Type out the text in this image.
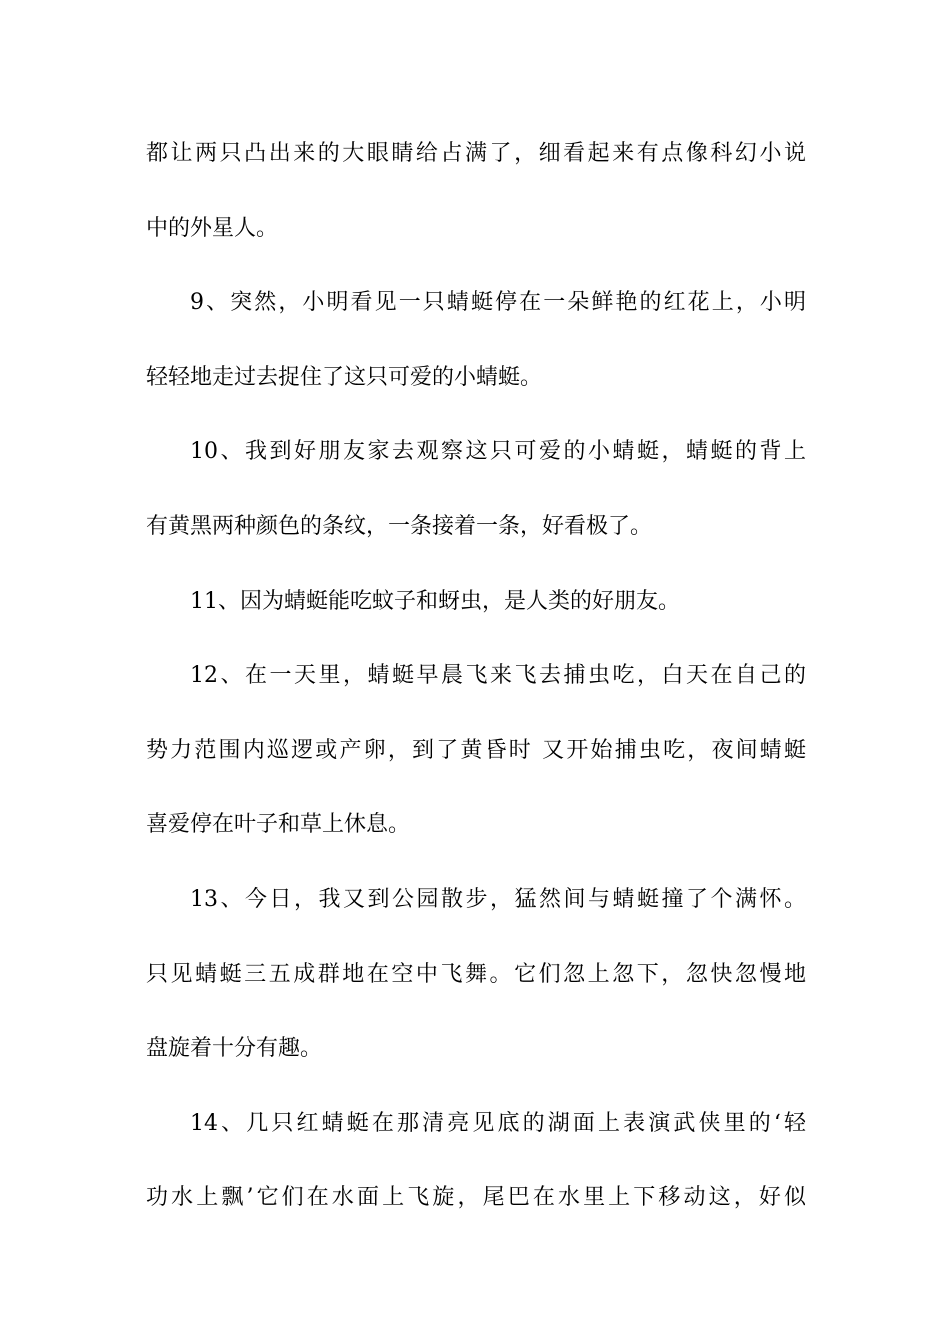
都让两只凸出来的大眼睛给占满了，细看起来有点像科幻小说
中的外星人。
9、突然，小明看见一只蜻蜓停在一朵鲜艳的红花上，小明
轻轻地走过去捉住了这只可爱的小蜻蜓。
10、我到好朋友家去观察这只可爱的小蜻蜓，蜻蜓的背上
有黄黑两种颜色的条纹，一条接着一条，好看极了。
11、因为蜻蜓能吃蚊子和蚜虫，是人类的好朋友。
12、在一天里，蜻蜓早晨飞来飞去捕虫吃，白天在自己的
势力范围内巡逻或产卵，到了黄昏时 又开始捕虫吃，夜间蜻蜓
喜爱停在叶子和草上休息。
13、今日，我又到公园散步，猛然间与蜻蜓撞了个满怀。
只见蜻蜓三五成群地在空中飞舞。它们忽上忽下，忽快忽慢地
盘旋着十分有趣。
14、几只红蜻蜓在那清亮见底的湖面上表演武侠里的‘轻
功水上飘’它们在水面上飞旋，尾巴在水里上下移动这，好似
